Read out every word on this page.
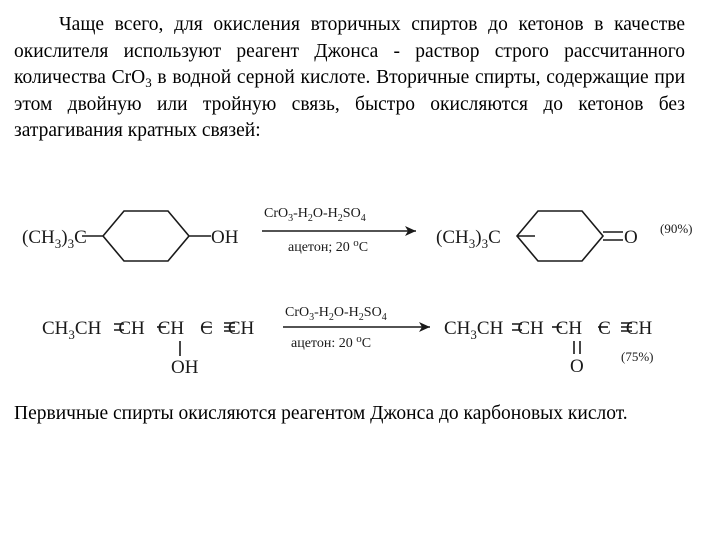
Чаще всего, для окисления вторичных спиртов до кетонов в качестве окислителя используют реагент Джонса - раствор строго рассчитанного количества CrO$_3$ в водной серной кислоте. Вторичные спирты, содержащие при этом двойную или тройную связь, быстро окисляются до кетонов без затрагивания кратных связей:

$(CH_3)_3C$	OH
$CrO_3-H_2O-H_2SO_4$
ацетон; 20 $^o$C	$(CH_3)_3C$	O (90%)
$CH_3CH$ CH CH C CH
OH
$CrO_3-H_2O-H_2SO_4$
ацетон: 20 $^o$C
$CH_3CH$ CH CH C CH
O	(75%)

Первичные спирты окисляются реагентом Джонса до карбоновых кислот.
